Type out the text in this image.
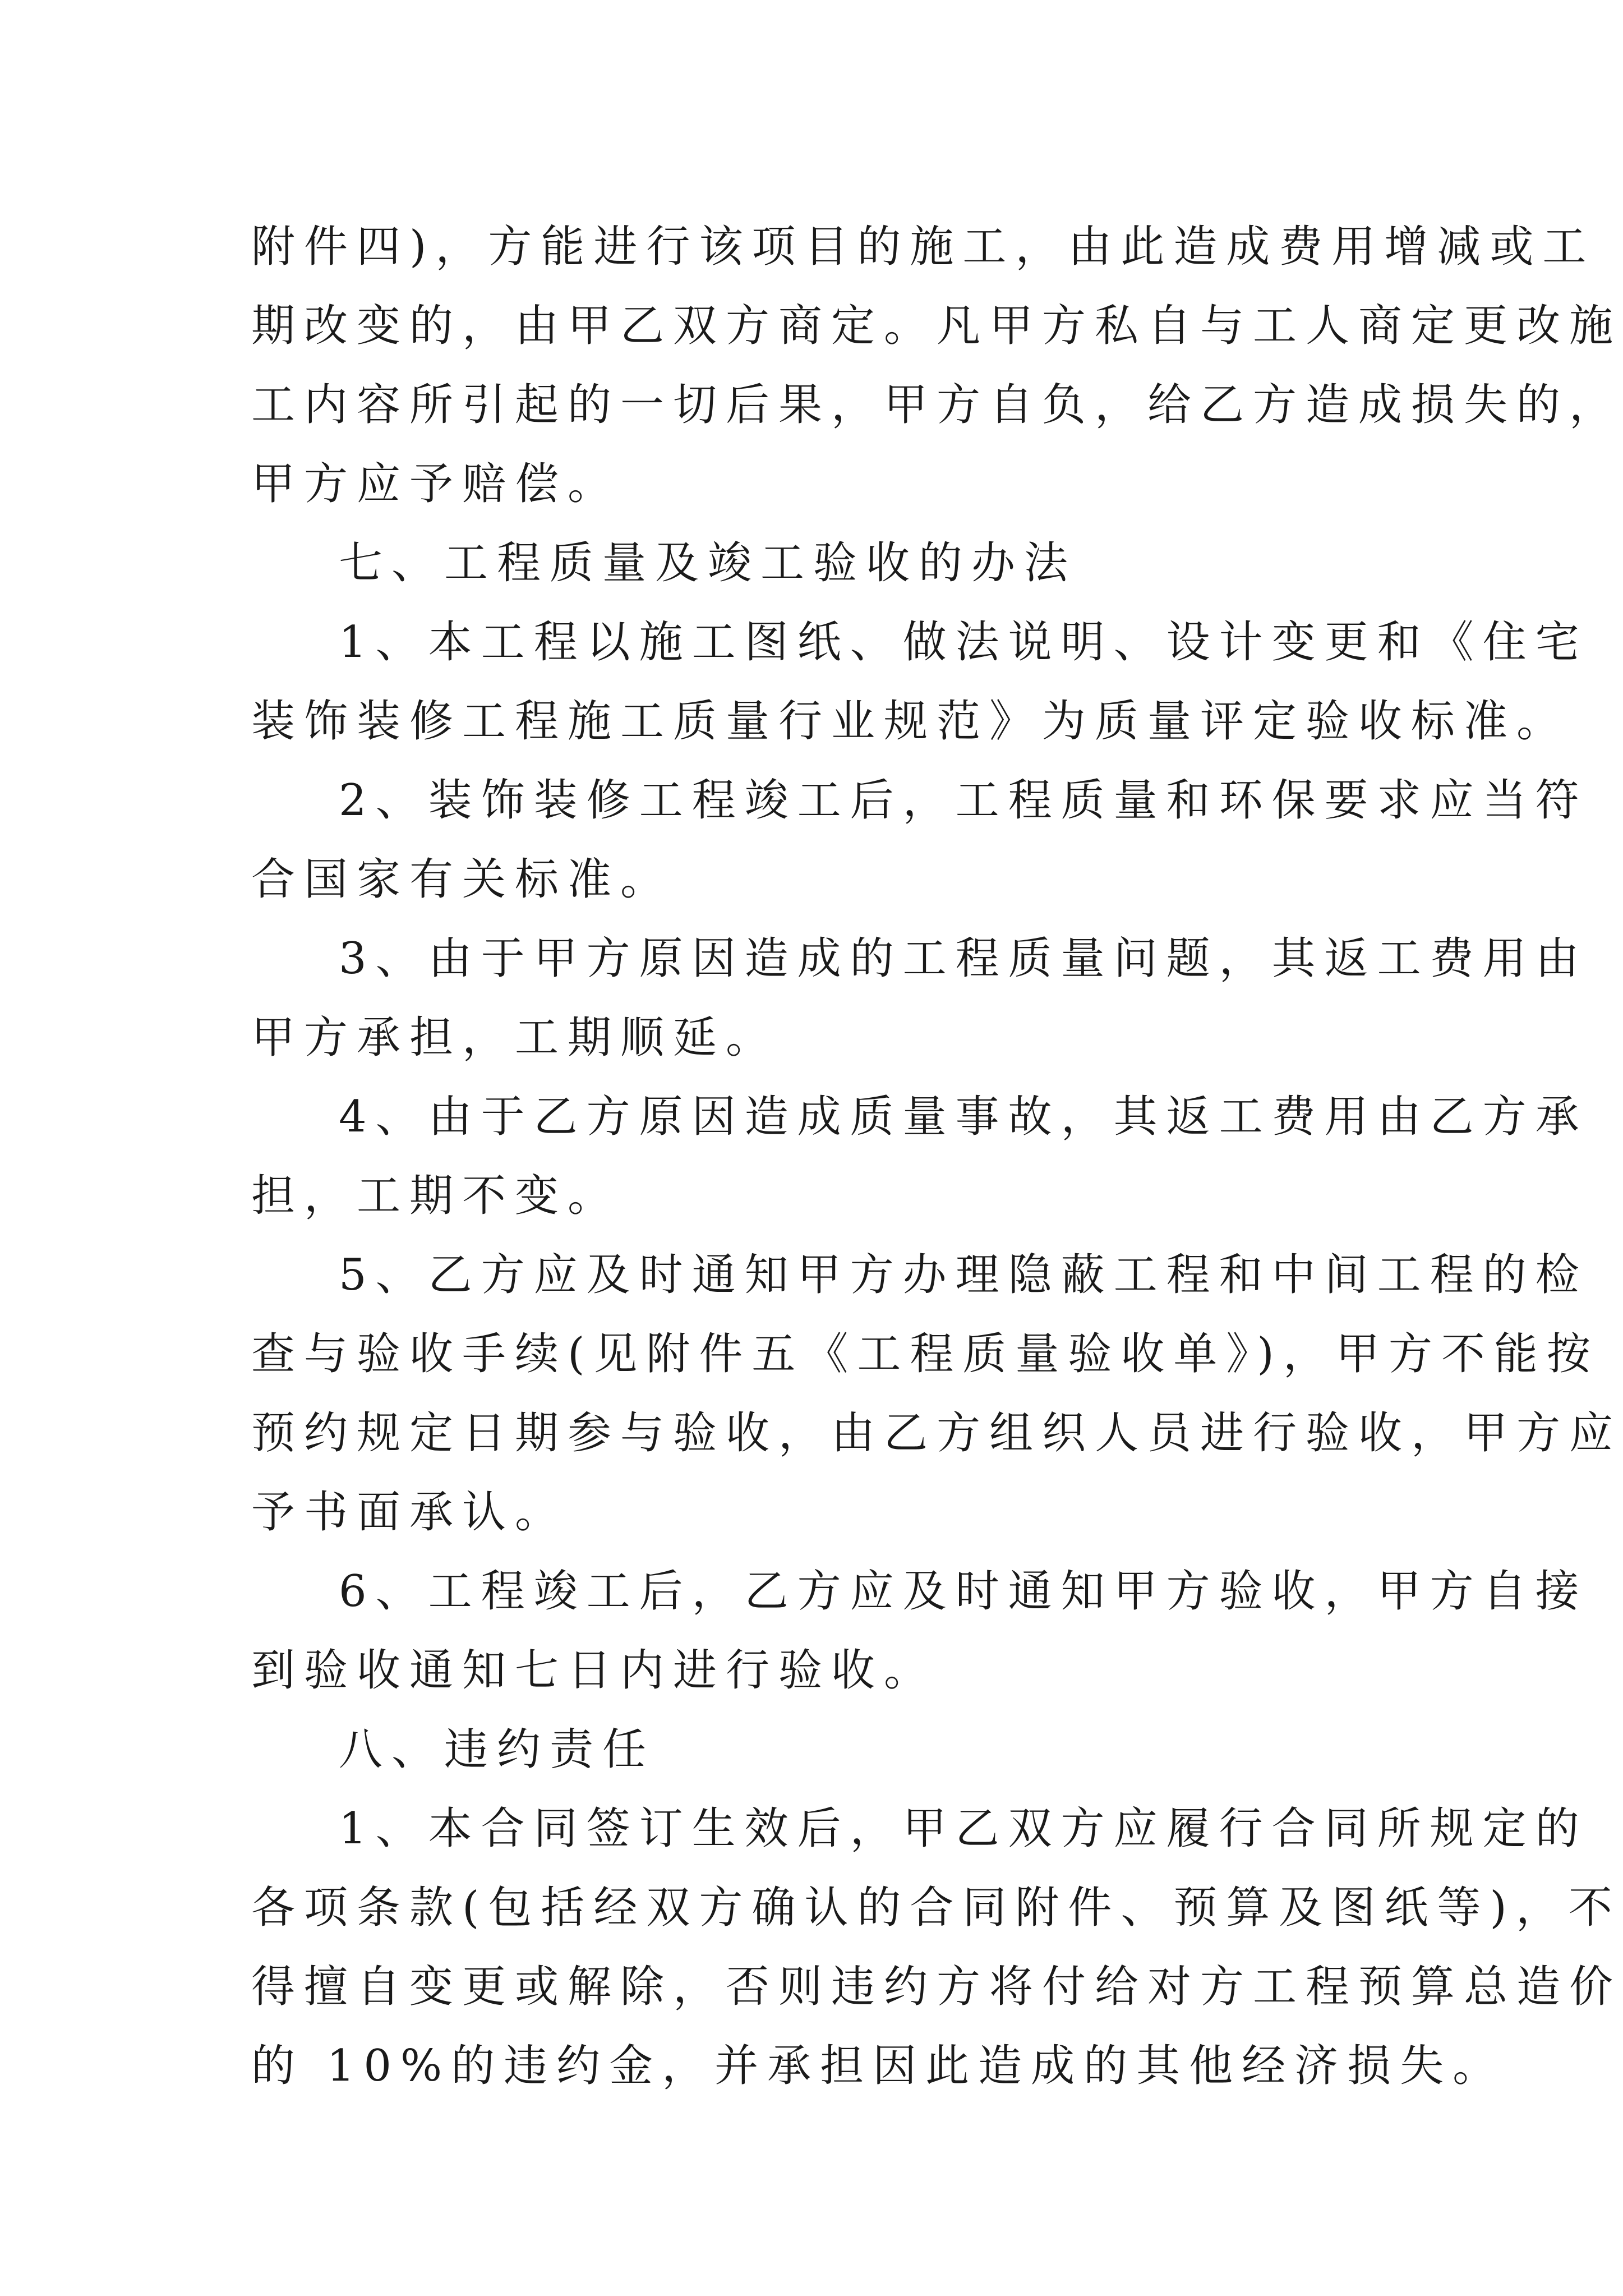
附件四)，方能进行该项目的施工，由此造成费用增减或工
期改变的，由甲乙双方商定。凡甲方私自与工人商定更改施
工内容所引起的一切后果，甲方自负，给乙方造成损失的，
甲方应予赔偿。

七、工程质量及竣工验收的办法

1、本工程以施工图纸、做法说明、设计变更和《住宅
装饰装修工程施工质量行业规范》为质量评定验收标准。

2、装饰装修工程竣工后，工程质量和环保要求应当符
合国家有关标准。

3、由于甲方原因造成的工程质量问题，其返工费用由
甲方承担，工期顺延。

4、由于乙方原因造成质量事故，其返工费用由乙方承
担，工期不变。

5、乙方应及时通知甲方办理隐蔽工程和中间工程的检
查与验收手续(见附件五《工程质量验收单》)，甲方不能按
预约规定日期参与验收，由乙方组织人员进行验收，甲方应
予书面承认。

6、工程竣工后，乙方应及时通知甲方验收，甲方自接
到验收通知七日内进行验收。

八、违约责任

1、本合同签订生效后，甲乙双方应履行合同所规定的
各项条款(包括经双方确认的合同附件、预算及图纸等)，不
得擅自变更或解除，否则违约方将付给对方工程预算总造价
的 10%的违约金，并承担因此造成的其他经济损失。
